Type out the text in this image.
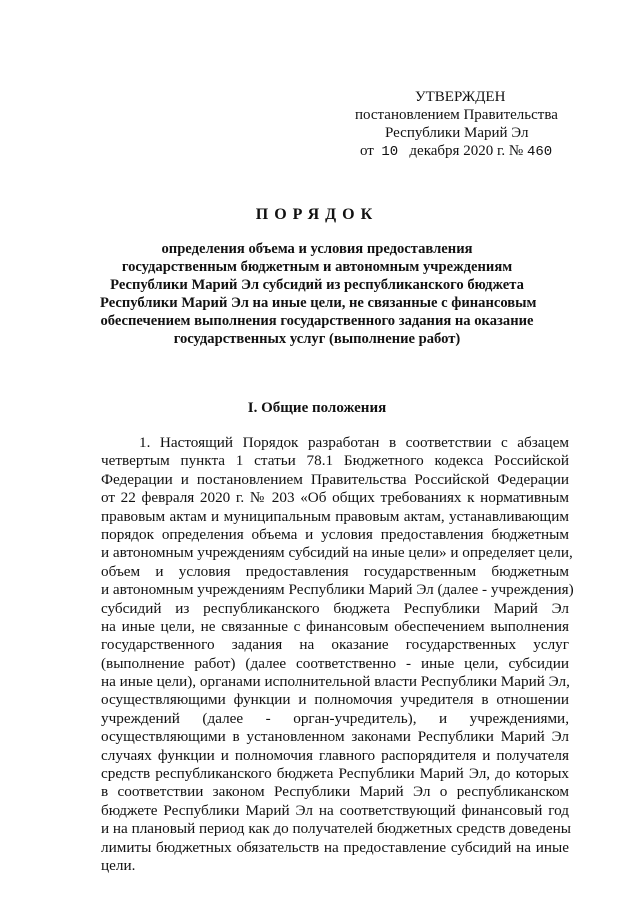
УТВЕРЖДЕН
постановлением Правительства
Республики Марий Эл
от 10 декабря 2020 г. № 460
ПОРЯДОК
определения объема и условия предоставления
государственным бюджетным и автономным учреждениям
Республики Марий Эл субсидий из республиканского бюджета
Республики Марий Эл на иные цели, не связанные с финансовым
обеспечением выполнения государственного задания на оказание
государственных услуг (выполнение работ)
I. Общие положения
1. Настоящий Порядок разработан в соответствии с абзацем
четвертым пункта 1 статьи 78.1 Бюджетного кодекса Российской
Федерации и постановлением Правительства Российской Федерации
от 22 февраля 2020 г. № 203 «Об общих требованиях к нормативным
правовым актам и муниципальным правовым актам, устанавливающим
порядок определения объема и условия предоставления бюджетным
и автономным учреждениям субсидий на иные цели» и определяет цели,
объем и условия предоставления государственным бюджетным
и автономным учреждениям Республики Марий Эл (далее - учреждения)
субсидий из республиканского бюджета Республики Марий Эл
на иные цели, не связанные с финансовым обеспечением выполнения
государственного задания на оказание государственных услуг
(выполнение работ) (далее соответственно - иные цели, субсидии
на иные цели), органами исполнительной власти Республики Марий Эл,
осуществляющими функции и полномочия учредителя в отношении
учреждений (далее - орган-учредитель), и учреждениями,
осуществляющими в установленном законами Республики Марий Эл
случаях функции и полномочия главного распорядителя и получателя
средств республиканского бюджета Республики Марий Эл, до которых
в соответствии законом Республики Марий Эл о республиканском
бюджете Республики Марий Эл на соответствующий финансовый год
и на плановый период как до получателей бюджетных средств доведены
лимиты бюджетных обязательств на предоставление субсидий на иные
цели.
